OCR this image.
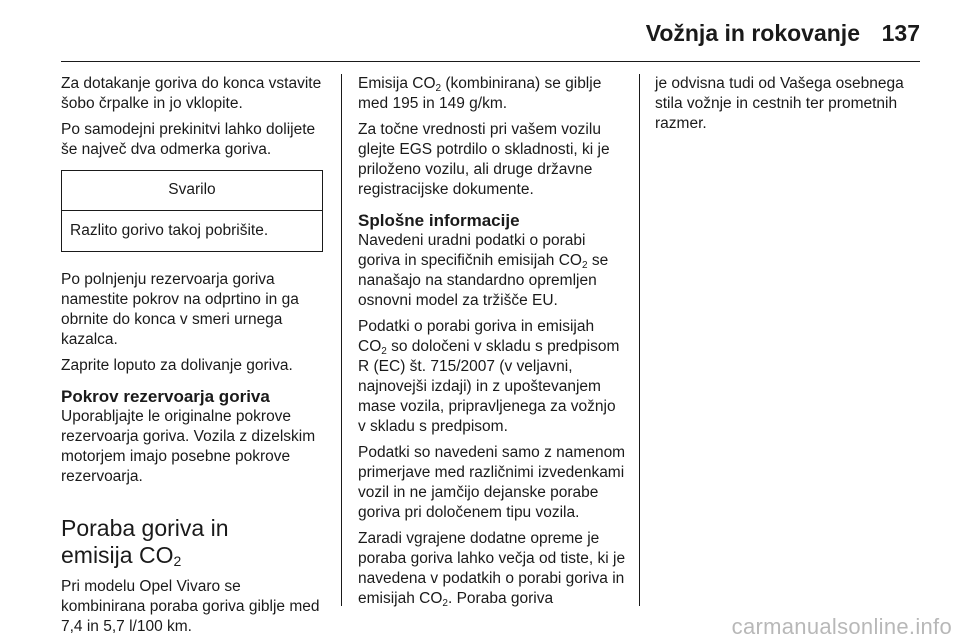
Vožnja in rokovanje 137

Za dotakanje goriva do konca vstavite šobo črpalke in jo vklopite.

Po samodejni prekinitvi lahko dolijete še največ dva odmerka goriva.

Svarilo
Razlito gorivo takoj pobrišite.

Po polnjenju rezervoarja goriva namestite pokrov na odprtino in ga obrnite do konca v smeri urnega kazalca.

Zaprite loputo za dolivanje goriva.

Pokrov rezervoarja goriva

Uporabljajte le originalne pokrove rezervoarja goriva. Vozila z dizelskim motorjem imajo posebne pokrove rezervoarja.

Poraba goriva in
emisija $CO_2$

Pri modelu Opel Vivaro se kombinirana poraba goriva giblje med 7,4 in 5,7 l/100 km.

Emisija $CO_2$ (kombinirana) se giblje med 195 in 149 g/km.

Za točne vrednosti pri vašem vozilu glejte EGS potrdilo o skladnosti, ki je priloženo vozilu, ali druge državne registracijske dokumente.

Splošne informacije

Navedeni uradni podatki o porabi goriva in specifičnih emisijah $CO_2$ se nanašajo na standardno opremljen osnovni model za tržišče EU.

Podatki o porabi goriva in emisijah $CO_2$ so določeni v skladu s predpisom R (EC) št. 715/2007 (v veljavni, najnovejši izdaji) in z upoštevanjem mase vozila, pripravljenega za vožnjo v skladu s predpisom.

Podatki so navedeni samo z namenom primerjave med različnimi izvedenkami vozil in ne jamčijo dejanske porabe goriva pri določenem tipu vozila.

Zaradi vgrajene dodatne opreme je poraba goriva lahko večja od tiste, ki je navedena v podatkih o porabi goriva in emisijah $CO_2$. Poraba goriva

je odvisna tudi od Vašega osebnega stila vožnje in cestnih ter prometnih razmer.

carmanualsonline.info
